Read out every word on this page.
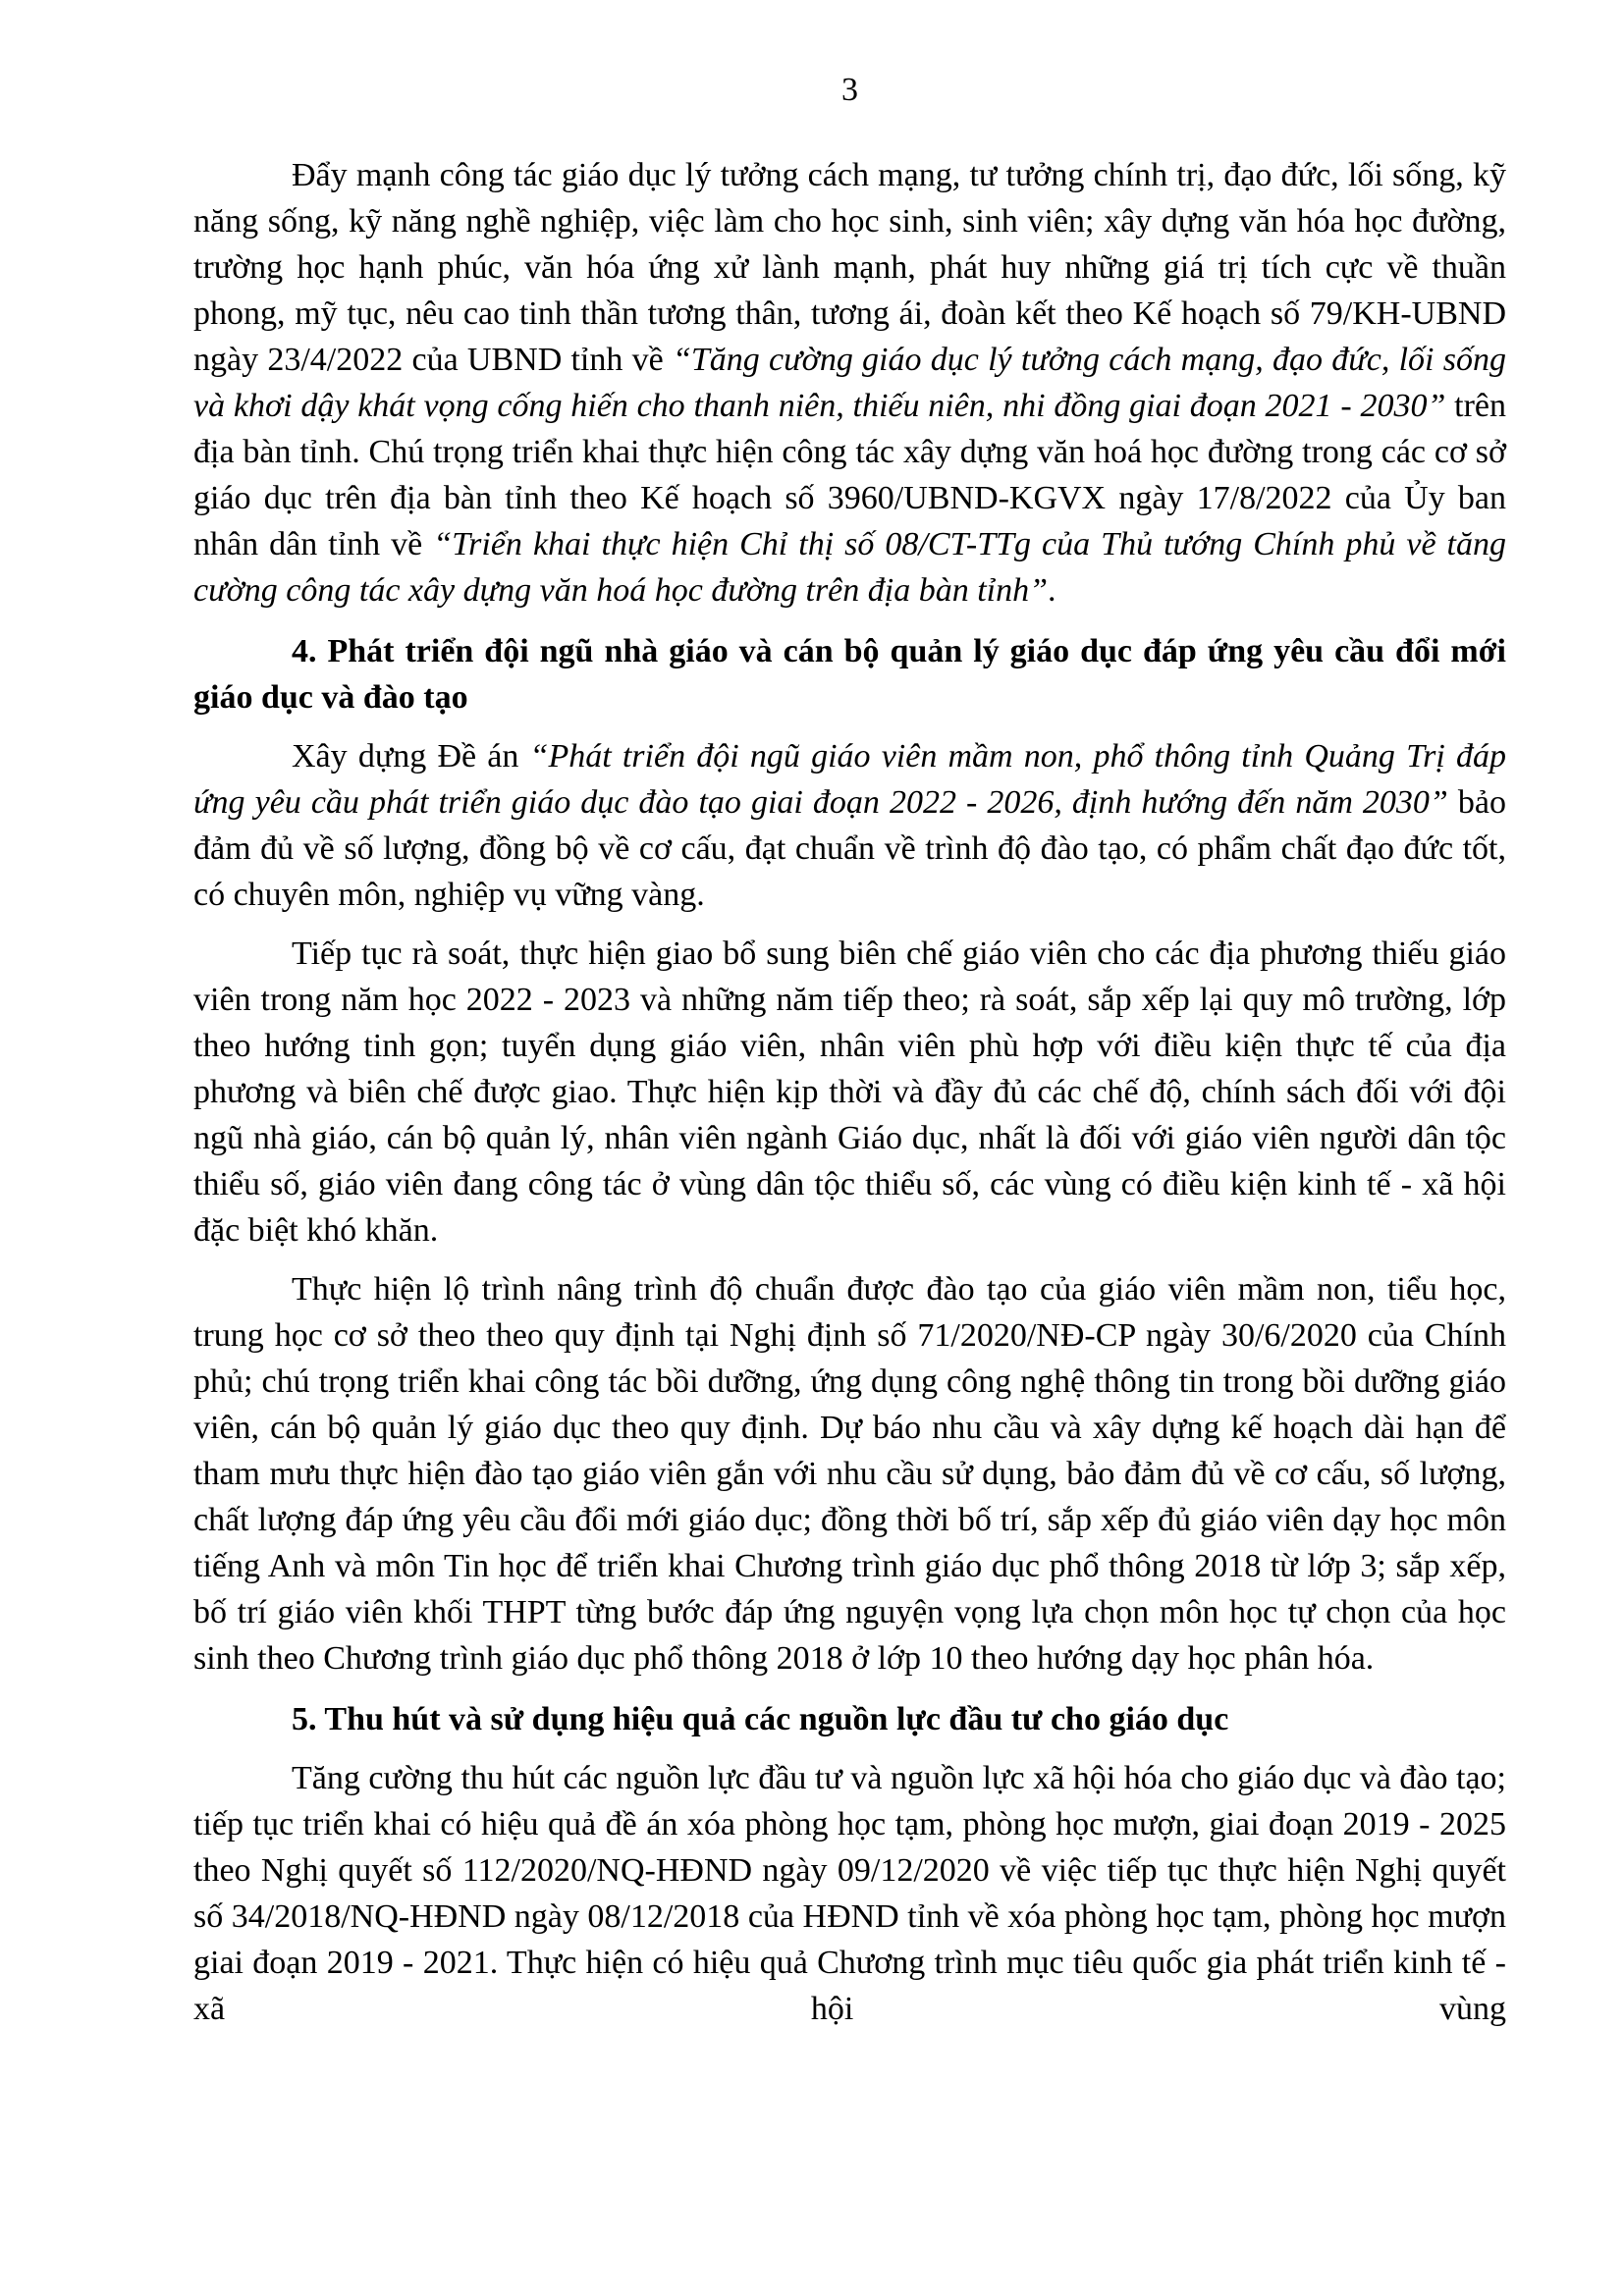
3

Đẩy mạnh công tác giáo dục lý tưởng cách mạng, tư tưởng chính trị, đạo đức, lối sống, kỹ năng sống, kỹ năng nghề nghiệp, việc làm cho học sinh, sinh viên; xây dựng văn hóa học đường, trường học hạnh phúc, văn hóa ứng xử lành mạnh, phát huy những giá trị tích cực về thuần phong, mỹ tục, nêu cao tinh thần tương thân, tương ái, đoàn kết theo Kế hoạch số 79/KH-UBND ngày 23/4/2022 của UBND tỉnh về “Tăng cường giáo dục lý tưởng cách mạng, đạo đức, lối sống và khơi dậy khát vọng cống hiến cho thanh niên, thiếu niên, nhi đồng giai đoạn 2021 - 2030” trên địa bàn tỉnh. Chú trọng triển khai thực hiện công tác xây dựng văn hoá học đường trong các cơ sở giáo dục trên địa bàn tỉnh theo Kế hoạch số 3960/UBND-KGVX ngày 17/8/2022 của Ủy ban nhân dân tỉnh về “Triển khai thực hiện Chỉ thị số 08/CT-TTg của Thủ tướng Chính phủ về tăng cường công tác xây dựng văn hoá học đường trên địa bàn tỉnh”.

4. Phát triển đội ngũ nhà giáo và cán bộ quản lý giáo dục đáp ứng yêu cầu đổi mới giáo dục và đào tạo

Xây dựng Đề án “Phát triển đội ngũ giáo viên mầm non, phổ thông tỉnh Quảng Trị đáp ứng yêu cầu phát triển giáo dục đào tạo giai đoạn 2022 - 2026, định hướng đến năm 2030” bảo đảm đủ về số lượng, đồng bộ về cơ cấu, đạt chuẩn về trình độ đào tạo, có phẩm chất đạo đức tốt, có chuyên môn, nghiệp vụ vững vàng.

Tiếp tục rà soát, thực hiện giao bổ sung biên chế giáo viên cho các địa phương thiếu giáo viên trong năm học 2022 - 2023 và những năm tiếp theo; rà soát, sắp xếp lại quy mô trường, lớp theo hướng tinh gọn; tuyển dụng giáo viên, nhân viên phù hợp với điều kiện thực tế của địa phương và biên chế được giao. Thực hiện kịp thời và đầy đủ các chế độ, chính sách đối với đội ngũ nhà giáo, cán bộ quản lý, nhân viên ngành Giáo dục, nhất là đối với giáo viên người dân tộc thiểu số, giáo viên đang công tác ở vùng dân tộc thiểu số, các vùng có điều kiện kinh tế - xã hội đặc biệt khó khăn.

Thực hiện lộ trình nâng trình độ chuẩn được đào tạo của giáo viên mầm non, tiểu học, trung học cơ sở theo theo quy định tại Nghị định số 71/2020/NĐ-CP ngày 30/6/2020 của Chính phủ; chú trọng triển khai công tác bồi dưỡng, ứng dụng công nghệ thông tin trong bồi dưỡng giáo viên, cán bộ quản lý giáo dục theo quy định. Dự báo nhu cầu và xây dựng kế hoạch dài hạn để tham mưu thực hiện đào tạo giáo viên gắn với nhu cầu sử dụng, bảo đảm đủ về cơ cấu, số lượng, chất lượng đáp ứng yêu cầu đổi mới giáo dục; đồng thời bố trí, sắp xếp đủ giáo viên dạy học môn tiếng Anh và môn Tin học để triển khai Chương trình giáo dục phổ thông 2018 từ lớp 3; sắp xếp, bố trí giáo viên khối THPT từng bước đáp ứng nguyện vọng lựa chọn môn học tự chọn của học sinh theo Chương trình giáo dục phổ thông 2018 ở lớp 10 theo hướng dạy học phân hóa.

5. Thu hút và sử dụng hiệu quả các nguồn lực đầu tư cho giáo dục

Tăng cường thu hút các nguồn lực đầu tư và nguồn lực xã hội hóa cho giáo dục và đào tạo; tiếp tục triển khai có hiệu quả đề án xóa phòng học tạm, phòng học mượn, giai đoạn 2019 - 2025 theo Nghị quyết số 112/2020/NQ-HĐND ngày 09/12/2020 về việc tiếp tục thực hiện Nghị quyết số 34/2018/NQ-HĐND ngày 08/12/2018 của HĐND tỉnh về xóa phòng học tạm, phòng học mượn giai đoạn 2019 - 2021. Thực hiện có hiệu quả Chương trình mục tiêu quốc gia phát triển kinh tế - xã hội vùng
